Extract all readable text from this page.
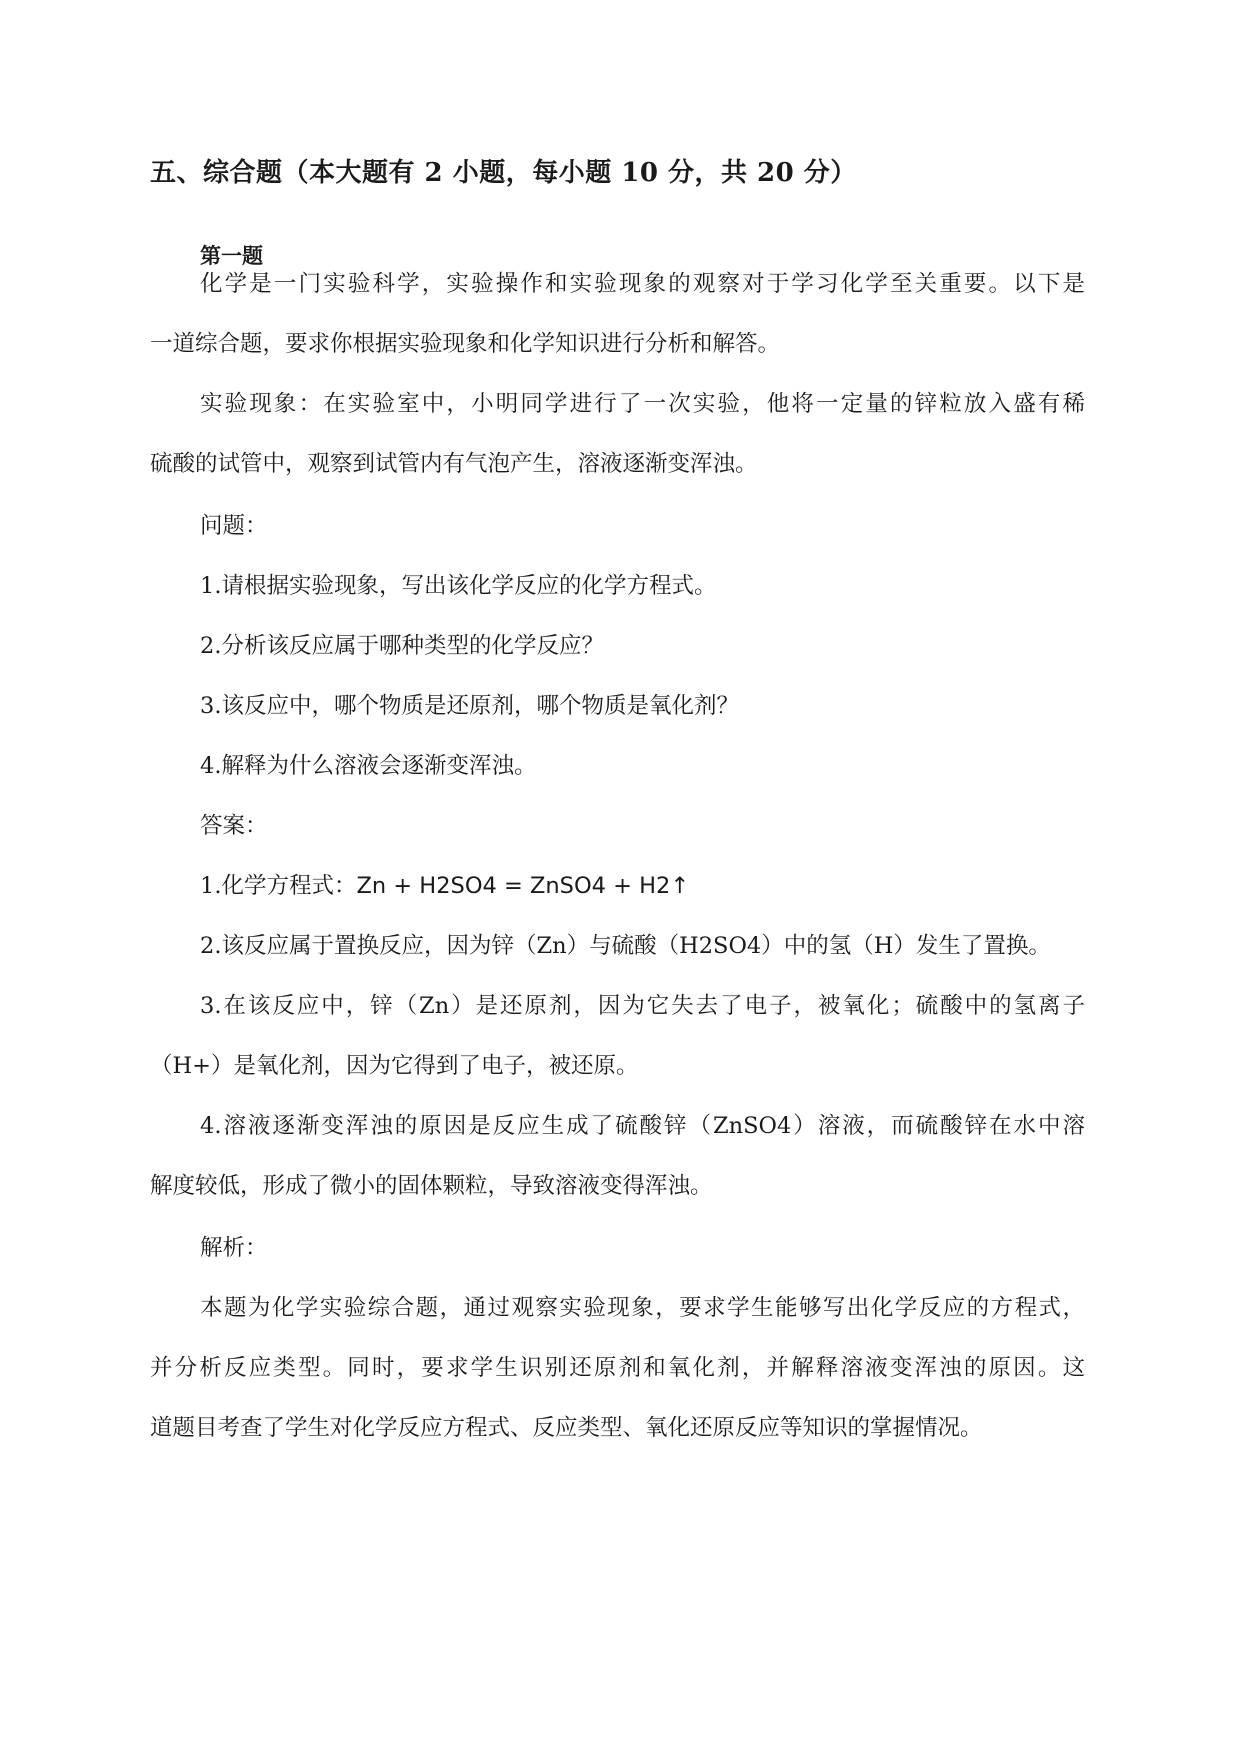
五、综合题（本大题有 2 小题，每小题 10 分，共 20 分）
第一题

化学是一门实验科学，实验操作和实验现象的观察对于学习化学至关重要。以下是

一道综合题，要求你根据实验现象和化学知识进行分析和解答。

实验现象：在实验室中，小明同学进行了一次实验，他将一定量的锌粒放入盛有稀

硫酸的试管中，观察到试管内有气泡产生，溶液逐渐变浑浊。

问题：

1.请根据实验现象，写出该化学反应的化学方程式。

2.分析该反应属于哪种类型的化学反应？

3.该反应中，哪个物质是还原剂，哪个物质是氧化剂？

4.解释为什么溶液会逐渐变浑浊。

答案：

1.化学方程式：Zn + H2SO4 = ZnSO4 + H2↑

2.该反应属于置换反应，因为锌（Zn）与硫酸（H2SO4）中的氢（H）发生了置换。

3.在该反应中，锌（Zn）是还原剂，因为它失去了电子，被氧化；硫酸中的氢离子

（H+）是氧化剂，因为它得到了电子，被还原。

4.溶液逐渐变浑浊的原因是反应生成了硫酸锌（ZnSO4）溶液，而硫酸锌在水中溶

解度较低，形成了微小的固体颗粒，导致溶液变得浑浊。

解析：

本题为化学实验综合题，通过观察实验现象，要求学生能够写出化学反应的方程式，

并分析反应类型。同时，要求学生识别还原剂和氧化剂，并解释溶液变浑浊的原因。这

道题目考查了学生对化学反应方程式、反应类型、氧化还原反应等知识的掌握情况。
